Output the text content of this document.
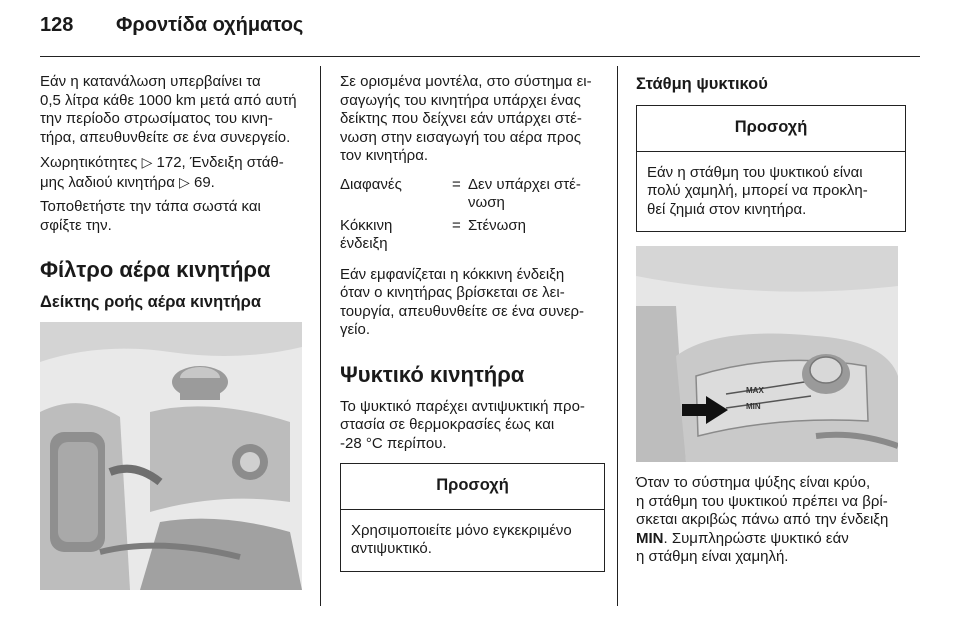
128 Φροντίδα οχήματος

Εάν η κατανάλωση υπερβαίνει τα
0,5 λίτρα κάθε 1000 km μετά από αυτή
την περίοδο στρωσίματος του κινη-
τήρα, απευθυνθείτε σε ένα συνεργείο.

Χωρητικότητες ▷ 172, Ένδειξη στάθ-
μης λαδιού κινητήρα ▷ 69.

Τοποθετήστε την τάπα σωστά και
σφίξτε την.

Φίλτρο αέρα κινητήρα
Δείκτης ροής αέρα κινητήρα

Σε ορισμένα μοντέλα, στο σύστημα ει-
σαγωγής του κινητήρα υπάρχει ένας
δείκτης που δείχνει εάν υπάρχει στέ-
νωση στην εισαγωγή του αέρα προς
τον κινητήρα.

Διαφανές	= Δεν υπάρχει στέ-
νωση
Κόκκινη
ένδειξη
= Στένωση

Εάν εμφανίζεται η κόκκινη ένδειξη
όταν ο κινητήρας βρίσκεται σε λει-
τουργία, απευθυνθείτε σε ένα συνερ-
γείο.

Ψυκτικό κινητήρα

Το ψυκτικό παρέχει αντιψυκτική προ-
στασία σε θερμοκρασίες έως και
-28 °C περίπου.

Προσοχή
Χρησιμοποιείτε μόνο εγκεκριμένο
αντιψυκτικό.
Στάθμη ψυκτικού
Προσοχή
Εάν η στάθμη του ψυκτικού είναι
πολύ χαμηλή, μπορεί να προκλη-
θεί ζημιά στον κινητήρα.
MAX
MIN

Όταν το σύστημα ψύξης είναι κρύο,
η στάθμη του ψυκτικού πρέπει να βρί-
σκεται ακριβώς πάνω από την ένδειξη
MIN. Συμπληρώστε ψυκτικό εάν
η στάθμη είναι χαμηλή.
